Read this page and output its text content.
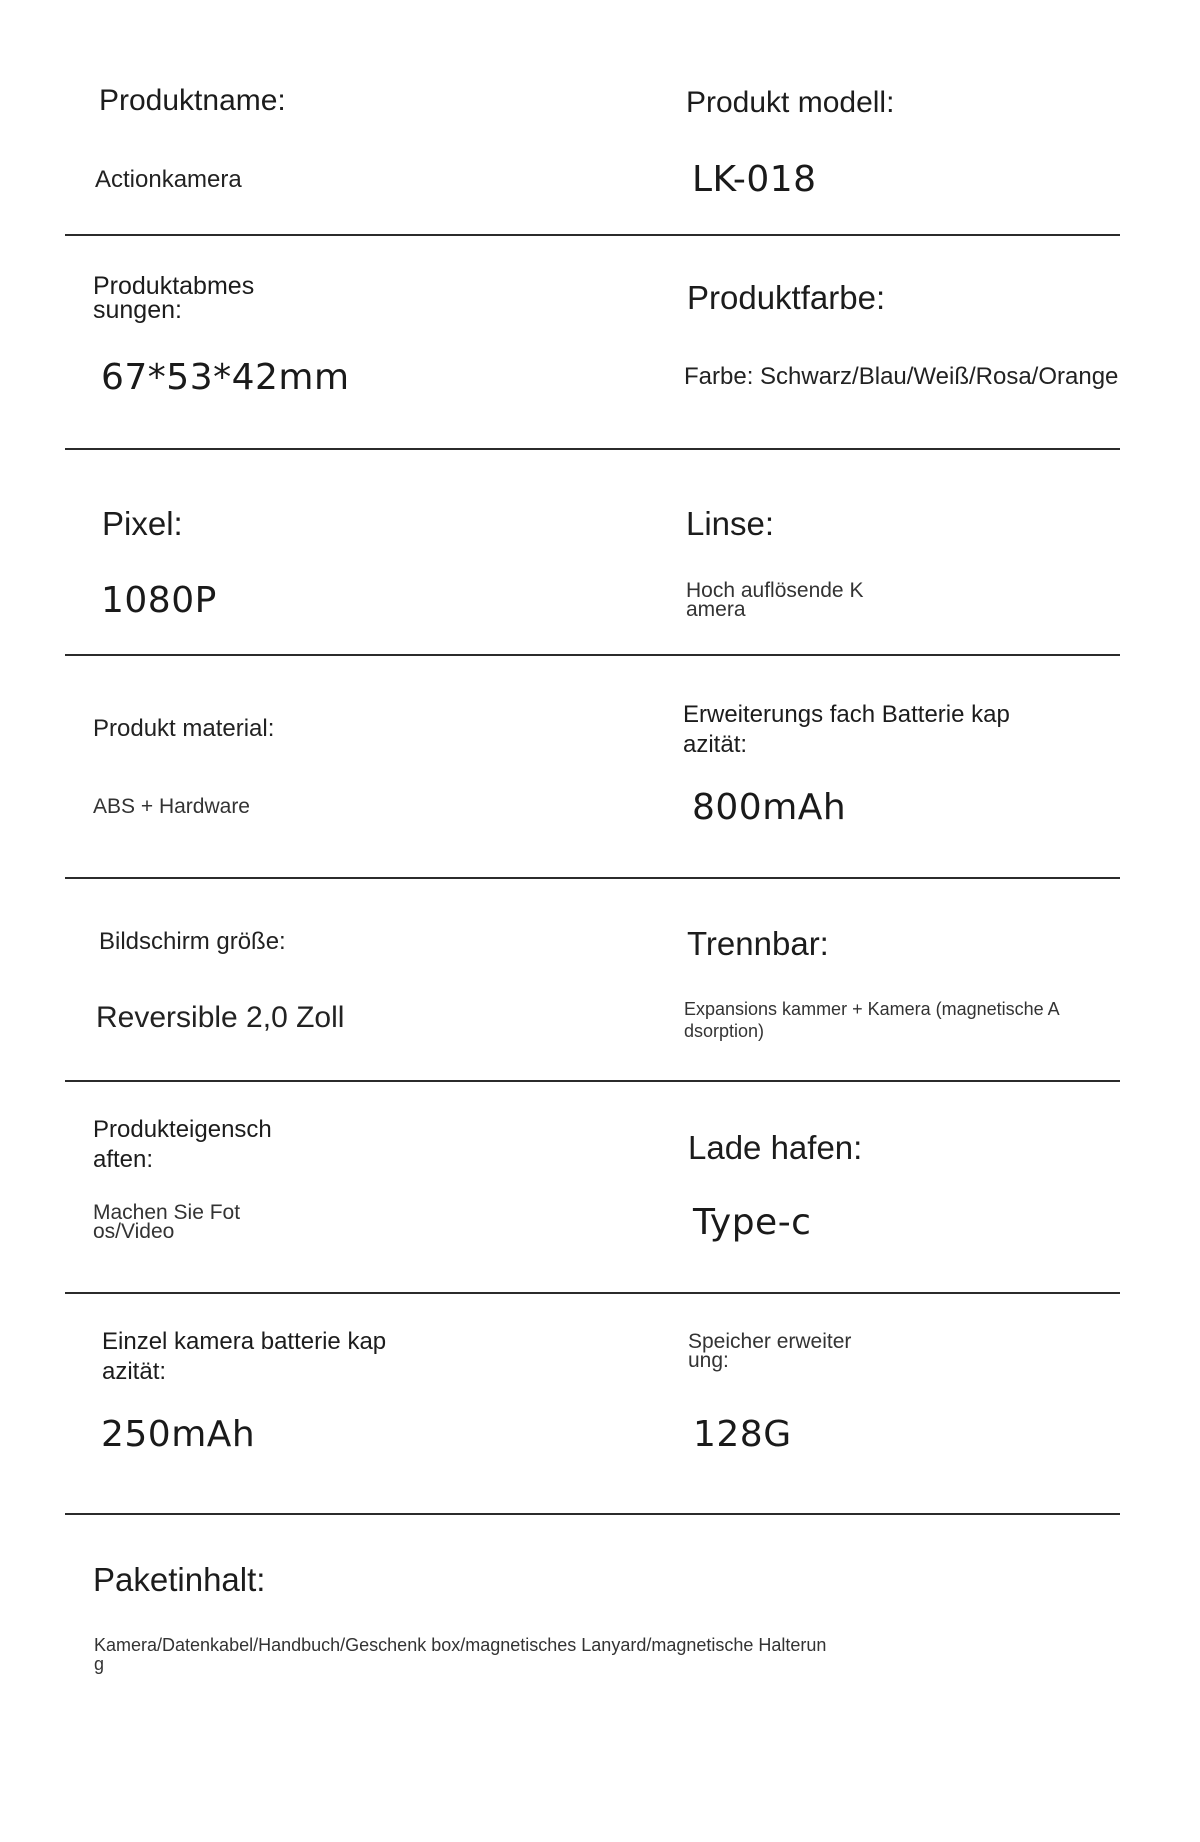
Produktname:

Actionkamera

Produkt modell:

LK-018

Produktabmes
sungen:

67*53*42mm

Produktfarbe:

Farbe: Schwarz/Blau/Weiß/Rosa/Orange

Pixel:

1080P

Linse:

Hoch auflösende K
amera

Produkt material:

ABS + Hardware

Erweiterungs fach Batterie kap
azität:

800mAh

Bildschirm größe:

Reversible 2,0 Zoll

Trennbar:

Expansions kammer + Kamera (magnetische A
dsorption)

Produkteigensch
aften:

Machen Sie Fot
os/Video

Lade hafen:

Type-c

Einzel kamera batterie kap
azität:

250mAh

Speicher erweiter
ung:

128G

Paketinhalt:

Kamera/Datenkabel/Handbuch/Geschenk box/magnetisches Lanyard/magnetische Halterun
g
